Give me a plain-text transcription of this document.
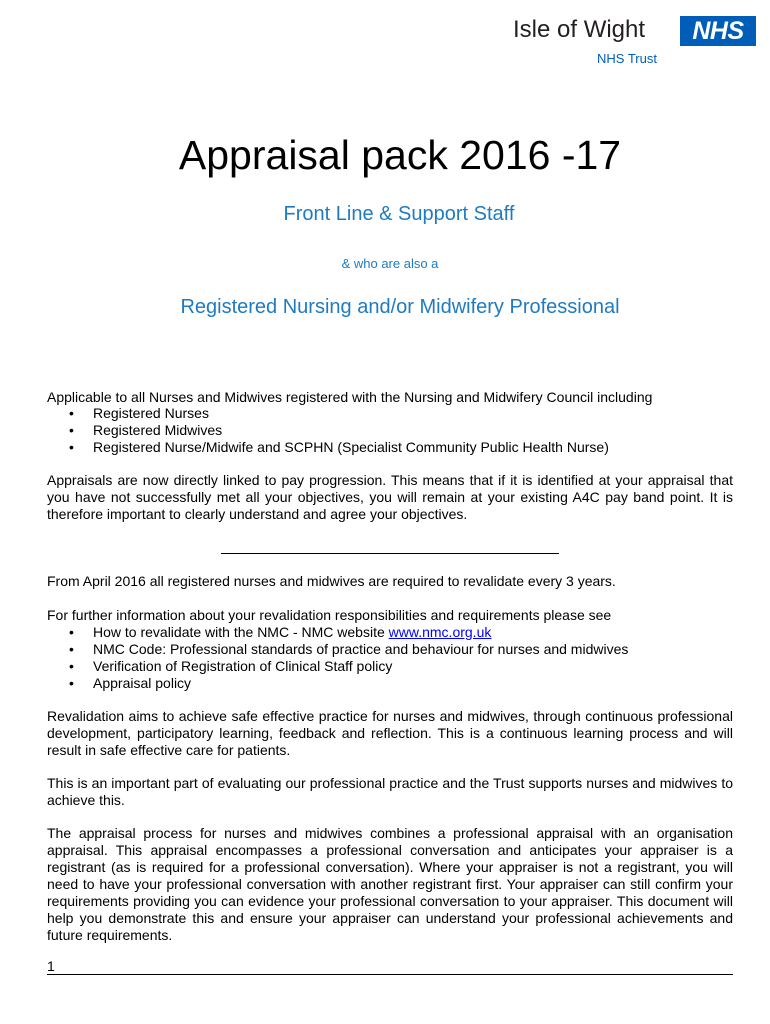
Isle of Wight	NHS
NHS Trust
Appraisal pack 2016 -17
Front Line & Support Staff
& who are also a
Registered Nursing and/or Midwifery Professional
Applicable to all Nurses and Midwives registered with the Nursing and Midwifery Council including
• Registered Nurses
• Registered Midwives
• Registered Nurse/Midwife and SCPHN (Specialist Community Public Health Nurse)
Appraisals are now directly linked to pay progression. This means that if it is identified at your appraisal that you have not successfully met all your objectives, you will remain at your existing A4C pay band point. It is therefore important to clearly understand and agree your objectives.
From April 2016 all registered nurses and midwives are required to revalidate every 3 years.
For further information about your revalidation responsibilities and requirements please see
• How to revalidate with the NMC - NMC website www.nmc.org.uk
• NMC Code: Professional standards of practice and behaviour for nurses and midwives
• Verification of Registration of Clinical Staff policy
• Appraisal policy
Revalidation aims to achieve safe effective practice for nurses and midwives, through continuous professional development, participatory learning, feedback and reflection. This is a continuous learning process and will result in safe effective care for patients.
This is an important part of evaluating our professional practice and the Trust supports nurses and midwives to achieve this.
The appraisal process for nurses and midwives combines a professional appraisal with an organisation appraisal. This appraisal encompasses a professional conversation and anticipates your appraiser is a registrant (as is required for a professional conversation). Where your appraiser is not a registrant, you will need to have your professional conversation with another registrant first. Your appraiser can still confirm your requirements providing you can evidence your professional conversation to your appraiser. This document will help you demonstrate this and ensure your appraiser can understand your professional achievements and future requirements.
1
